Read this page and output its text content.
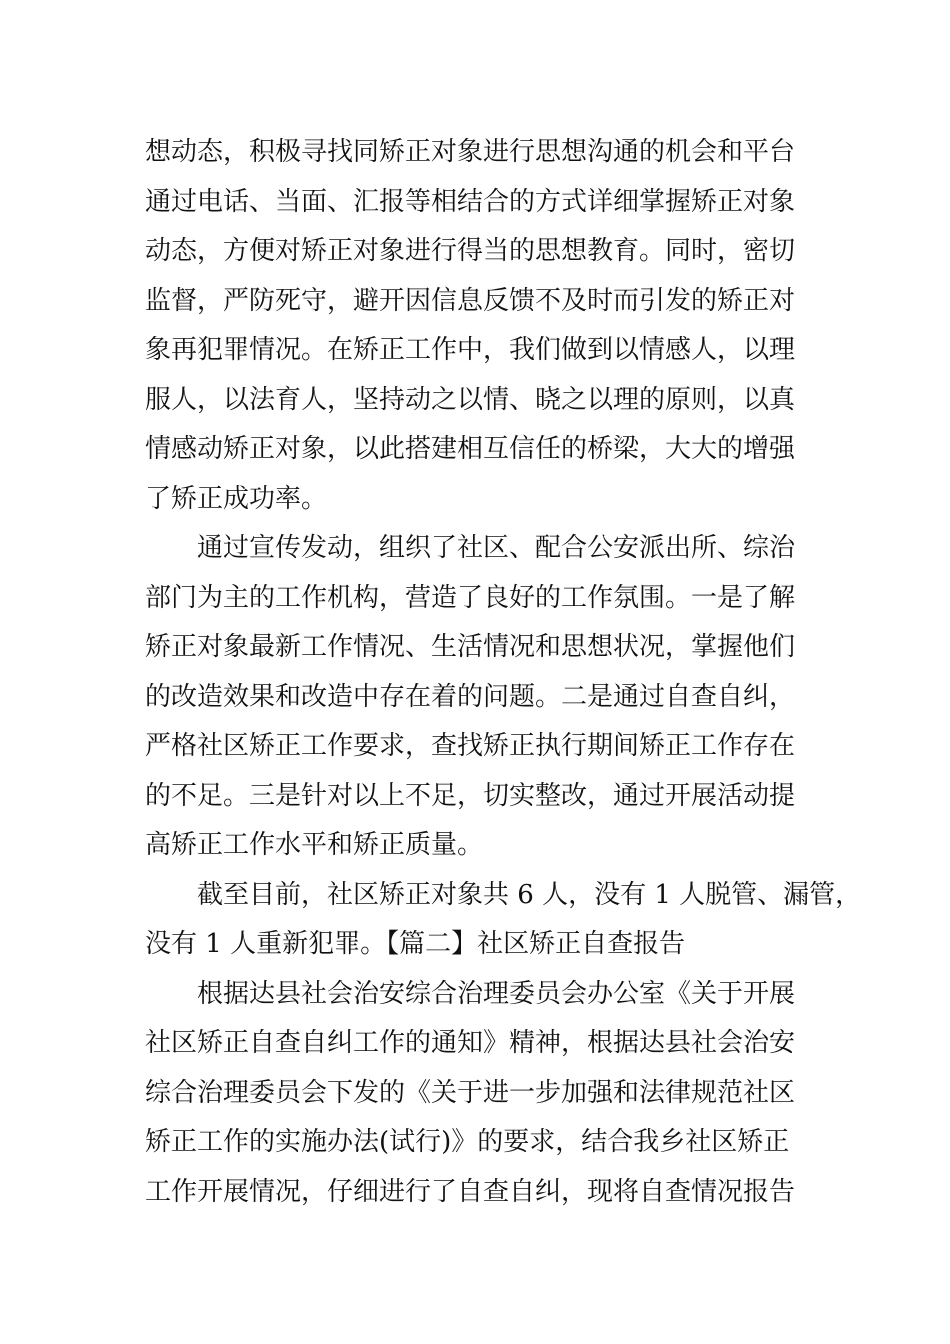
想动态，积极寻找同矫正对象进行思想沟通的机会和平台
通过电话、当面、汇报等相结合的方式详细掌握矫正对象
动态，方便对矫正对象进行得当的思想教育。同时，密切
监督，严防死守，避开因信息反馈不及时而引发的矫正对
象再犯罪情况。在矫正工作中，我们做到以情感人，以理
服人，以法育人，坚持动之以情、晓之以理的原则，以真
情感动矫正对象，以此搭建相互信任的桥梁，大大的增强
了矫正成功率。
通过宣传发动，组织了社区、配合公安派出所、综治
部门为主的工作机构，营造了良好的工作氛围。一是了解
矫正对象最新工作情况、生活情况和思想状况，掌握他们
的改造效果和改造中存在着的问题。二是通过自查自纠，
严格社区矫正工作要求，查找矫正执行期间矫正工作存在
的不足。三是针对以上不足，切实整改，通过开展活动提
高矫正工作水平和矫正质量。
截至目前，社区矫正对象共 6 人，没有 1 人脱管、漏管，
没有 1 人重新犯罪。【篇二】社区矫正自查报告
根据达县社会治安综合治理委员会办公室《关于开展
社区矫正自查自纠工作的通知》精神，根据达县社会治安
综合治理委员会下发的《关于进一步加强和法律规范社区
矫正工作的实施办法(试行)》的要求，结合我乡社区矫正
工作开展情况，仔细进行了自查自纠，现将自查情况报告
